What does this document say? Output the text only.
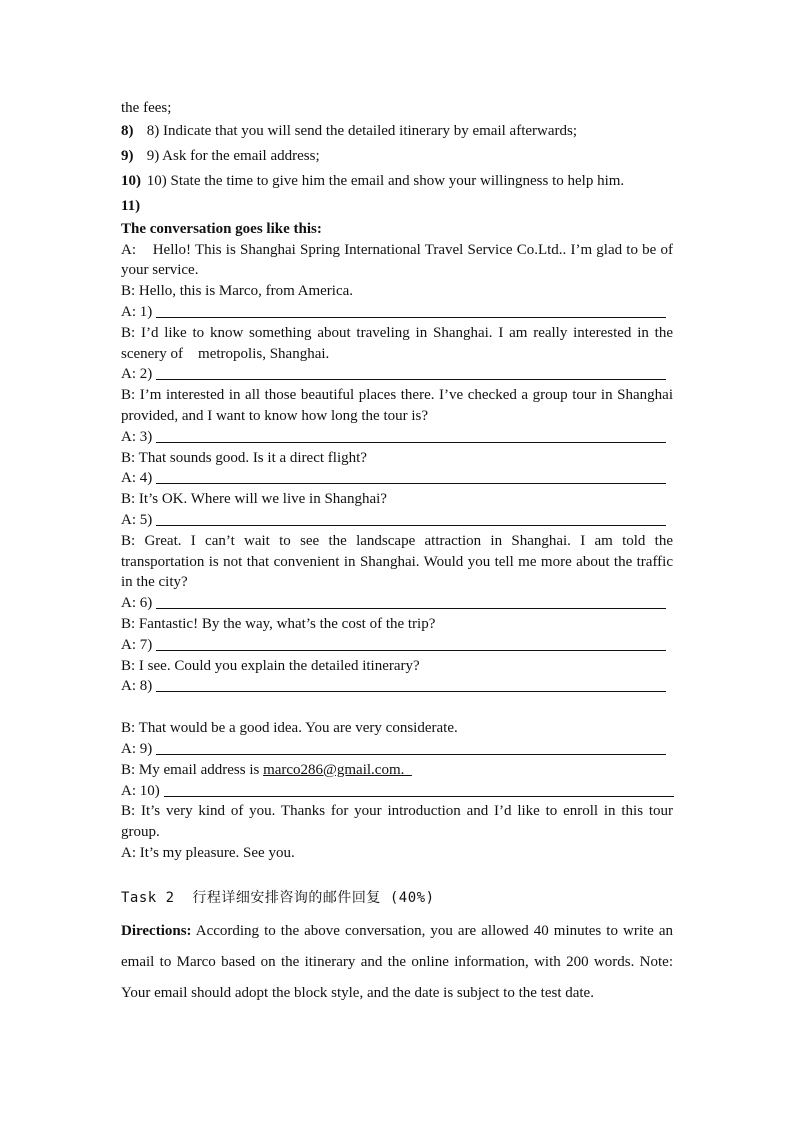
the fees;
8) 8) Indicate that you will send the detailed itinerary by email afterwards;
9) 9) Ask for the email address;
10) 10) State the time to give him the email and show your willingness to help him.
11)
The conversation goes like this:
A:    Hello! This is Shanghai Spring International Travel Service Co.Ltd.. I’m glad to be of your service.
B: Hello, this is Marco, from America.
A: 1)
B: I’d like to know something about traveling in Shanghai. I am really interested in the scenery of    metropolis, Shanghai.
A: 2)
B: I’m interested in all those beautiful places there. I’ve checked a group tour in Shanghai provided, and I want to know how long the tour is?
A: 3)
B: That sounds good. Is it a direct flight?
A: 4)
B: It’s OK. Where will we live in Shanghai?
A: 5)
B: Great. I can’t wait to see the landscape attraction in Shanghai. I am told the transportation is not that convenient in Shanghai. Would you tell me more about the traffic in the city?
A: 6)
B: Fantastic! By the way, what’s the cost of the trip?
A: 7)
B: I see. Could you explain the detailed itinerary?
A: 8)
B: That would be a good idea. You are very considerate.
A: 9)
B: My email address is marco286@gmail.com.
A: 10)
B: It’s very kind of you. Thanks for your introduction and I’d like to enroll in this tour group.
A: It’s my pleasure. See you.
Task 2  行程详细安排咨询的邮件回复 (40%)
Directions: According to the above conversation, you are allowed 40 minutes to write an email to Marco based on the itinerary and the online information, with 200 words. Note: Your email should adopt the block style, and the date is subject to the test date.
